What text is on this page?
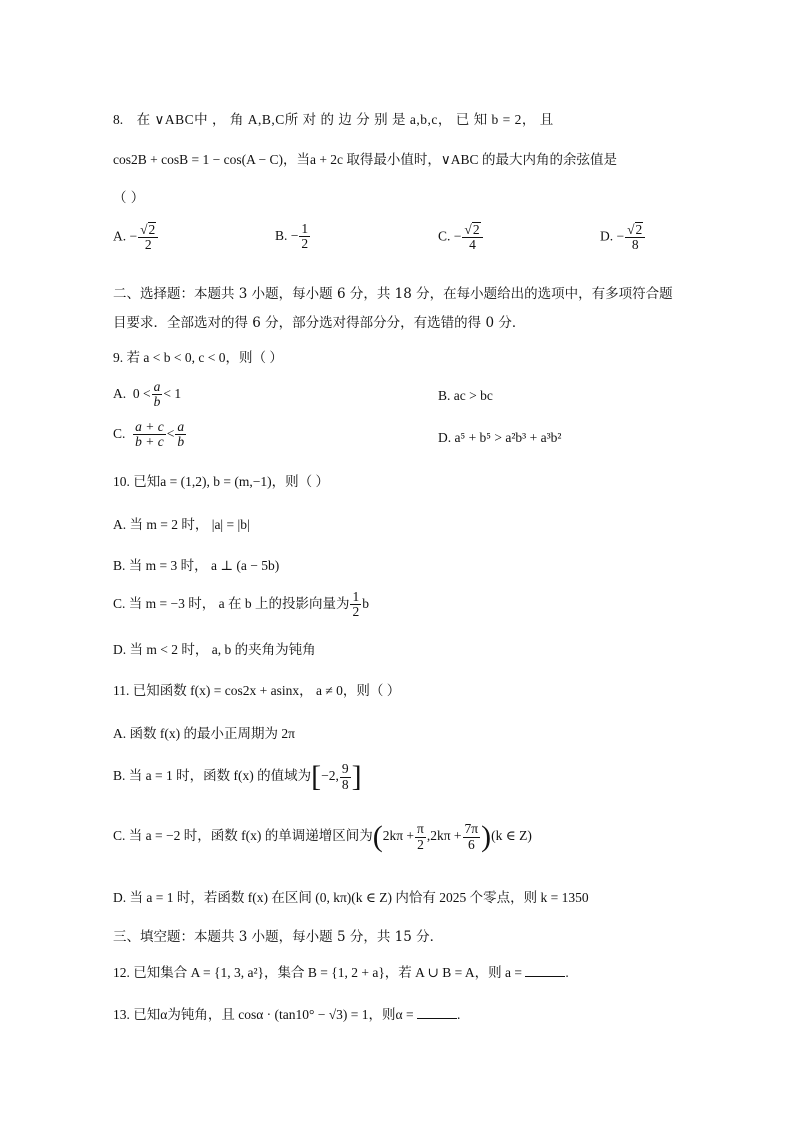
8. 在 ∨ABC中 ， 角 A,B,C所 对 的 边 分 别 是 a,b,c， 已 知 b = 2， 且
cos2B + cosB = 1 − cos(A − C)，当a + 2c 取得最小值时，∨ABC 的最大内角的余弦值是
（ ）
A. − $\frac{√2}{2}$	B. − $\frac{1}{2}$	C. − $\frac{√2}{4}$	D. − $\frac{√2}{8}$
二、选择题：本题共 3 小题，每小题 6 分，共 18 分，在每小题给出的选项中，有多项符合题
目要求．全部选对的得 6 分，部分选对得部分分，有选错的得 0 分．
9. 若 a < b < 0, c < 0，则（ ）
A. $0 < \frac{a}{b} < 1$	B. ac > bc
C. $\frac{a + c}{b + c} < \frac{a}{b}$	D. a⁵ + b⁵ > a²b³ + a³b²
10. 已知a = (1,2), b = (m,−1)，则（ ）
A. 当 m = 2 时， |a| = |b|
B. 当 m = 3 时， a ⊥ (a − 5b)
C. 当 m = −3 时， a 在 b 上的投影向量为 $\frac{1}{2}$ b
D. 当 m < 2 时， a, b 的夹角为钝角
11. 已知函数 f(x) = cos2x + asinx， a ≠ 0，则（ ）
A. 函数 f(x) 的最小正周期为 2π
B. 当 a = 1 时，函数 f(x) 的值域为[−2, $\frac{9}{8}$ ]
C. 当 a = −2 时，函数 f(x) 的单调递增区间为$(2k\pi + \frac{\pi}{2} ,2k\pi + \frac{7\pi}{6} )(k$ ∈ Z)
D. 当 a = 1 时，若函数 f(x) 在区间 (0, kπ)(k ∈ Z) 内恰有 2025 个零点，则 k = 1350
三、填空题：本题共 3 小题，每小题 5 分，共 15 分．
12. 已知集合 A = {1, 3, a²}，集合 B = {1, 2 + a}，若 A ∪ B = A，则 a =	.
13. 已知α为钝角，且 cosα · (tan10° − √3) = 1，则α =	.
